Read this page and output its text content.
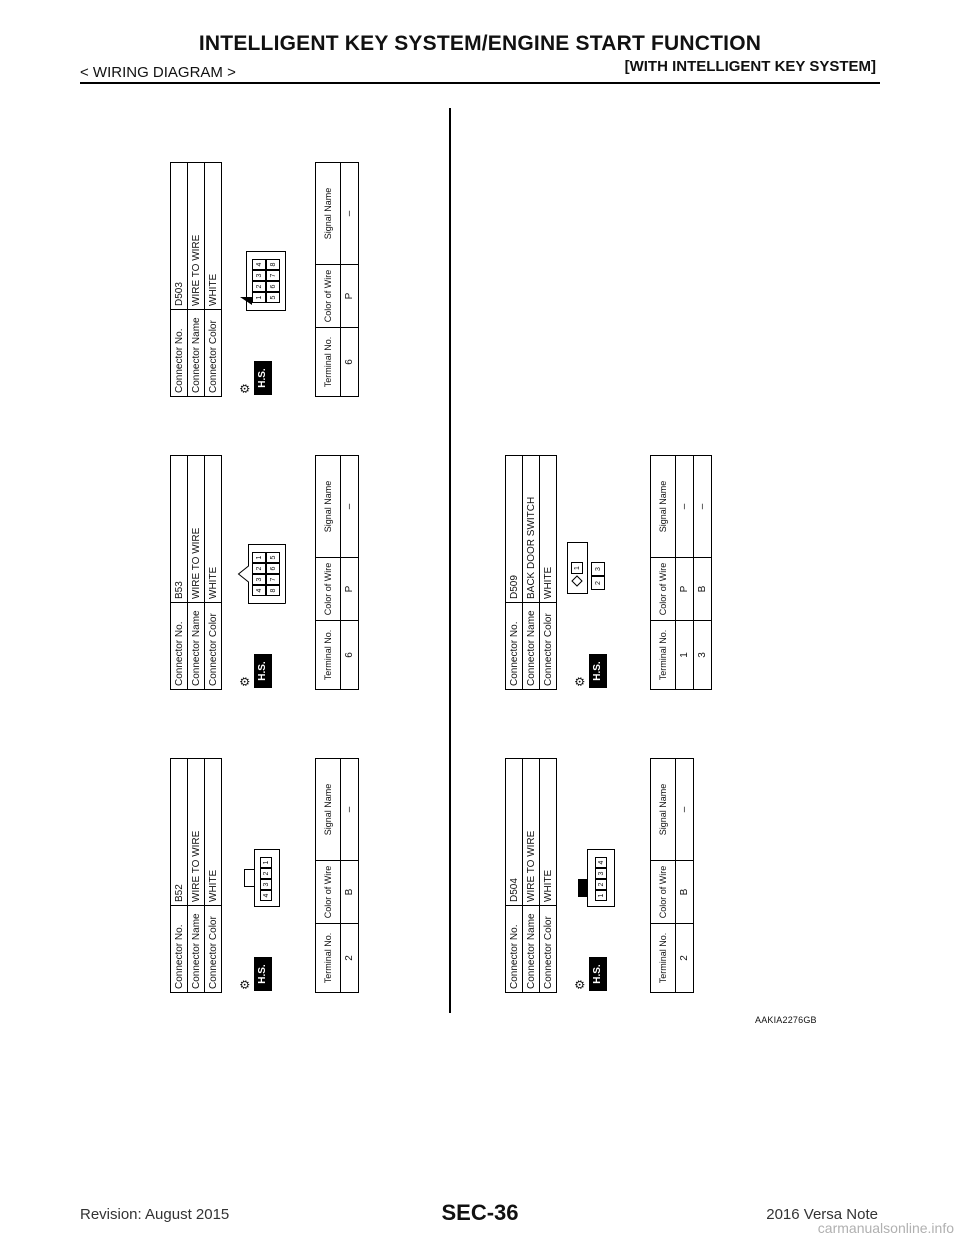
INTELLIGENT KEY SYSTEM/ENGINE START FUNCTION
< WIRING DIAGRAM >	[WITH INTELLIGENT KEY SYSTEM]
Connector No.	B52
Connector Name	WIRE TO WIRE
Connector Color	WHITE
⚙
H.S.
4
3
2
1
Terminal No.	Color of Wire	Signal Name
2	B	–
Connector No.	B53
Connector Name	WIRE TO WIRE
Connector Color	WHITE
⚙
H.S.
4
3
2
1
8
7
6
5
Terminal No.	Color of Wire	Signal Name
6	P	–
Connector No.	D503
Connector Name	WIRE TO WIRE
Connector Color	WHITE
⚙
H.S.
1
2
3
4
5
6
7
8
Terminal No.	Color of Wire	Signal Name
6	P	–
Connector No.	D504
Connector Name	WIRE TO WIRE
Connector Color	WHITE
⚙
H.S.
1
2
3
4
Terminal No.	Color of Wire	Signal Name
2	B	–
Connector No.	D509
Connector Name	BACK DOOR SWITCH
Connector Color	WHITE
⚙
H.S.
1
2
3
Terminal No.	Color of Wire	Signal Name
1	P	–
3	B	–
AAKIA2276GB
Revision: August 2015	SEC-36	2016 Versa Note
carmanualsonline.info
